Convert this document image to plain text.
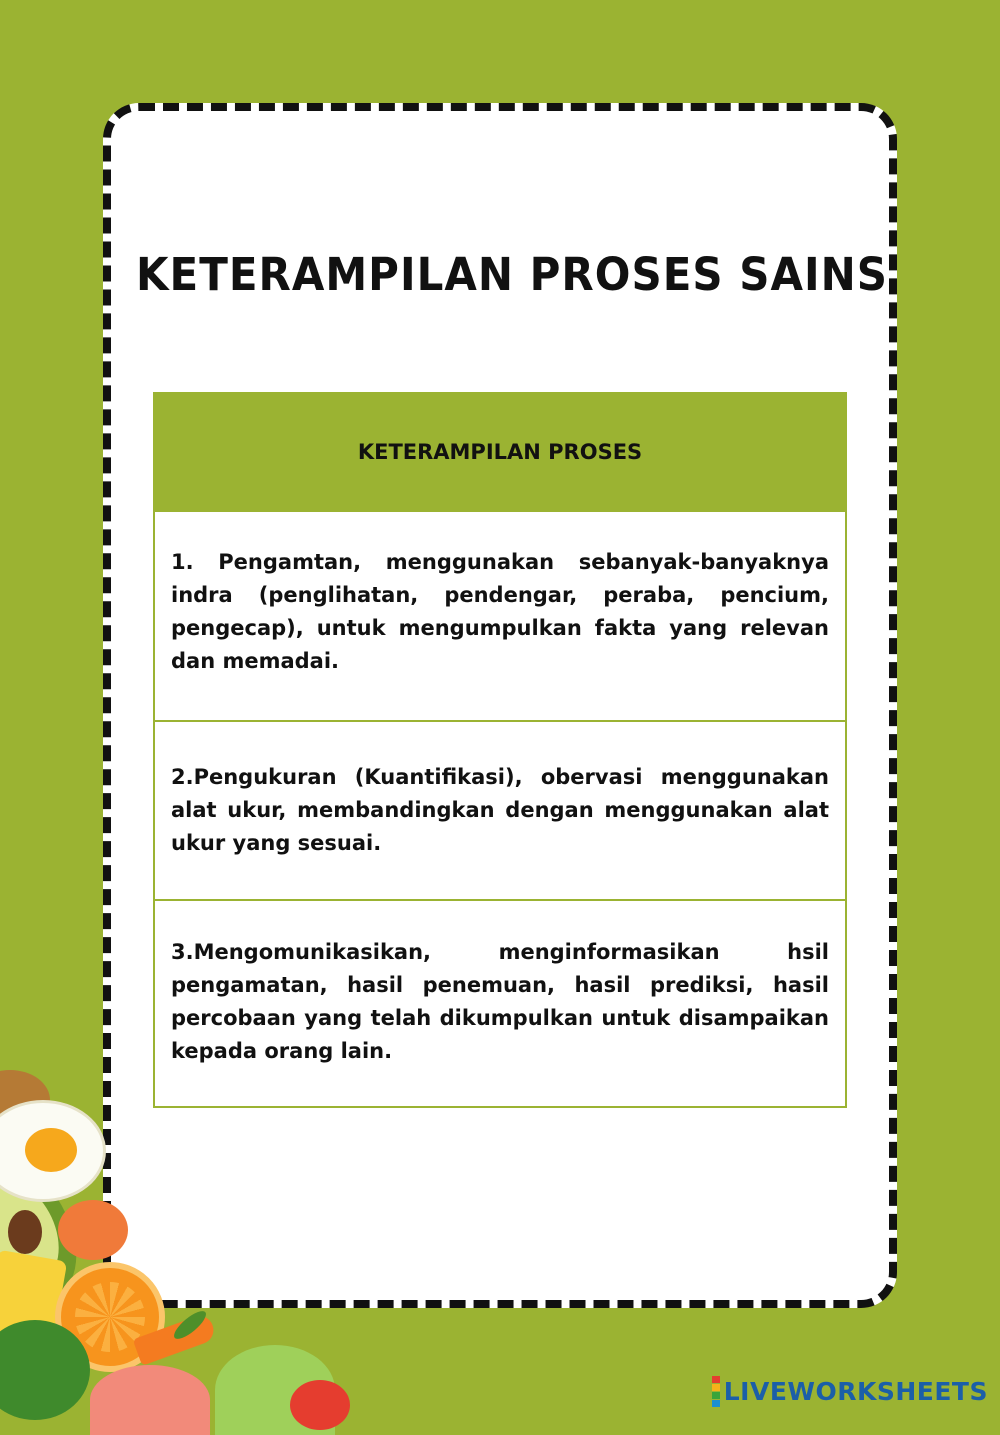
KETERAMPILAN PROSES SAINS
KETERAMPILAN PROSES

1. Pengamtan, menggunakan sebanyak-banyaknya indra (penglihatan, pendengar, peraba, pencium, pengecap), untuk mengumpulkan fakta yang relevan dan memadai.

2.Pengukuran (Kuantifikasi), obervasi menggunakan alat ukur, membandingkan dengan menggunakan alat ukur yang sesuai.

3.Mengomunikasikan, menginformasikan hsil pengamatan, hasil penemuan, hasil prediksi, hasil percobaan yang telah dikumpulkan untuk disampaikan kepada orang lain.

LIVEWORKSHEETS
